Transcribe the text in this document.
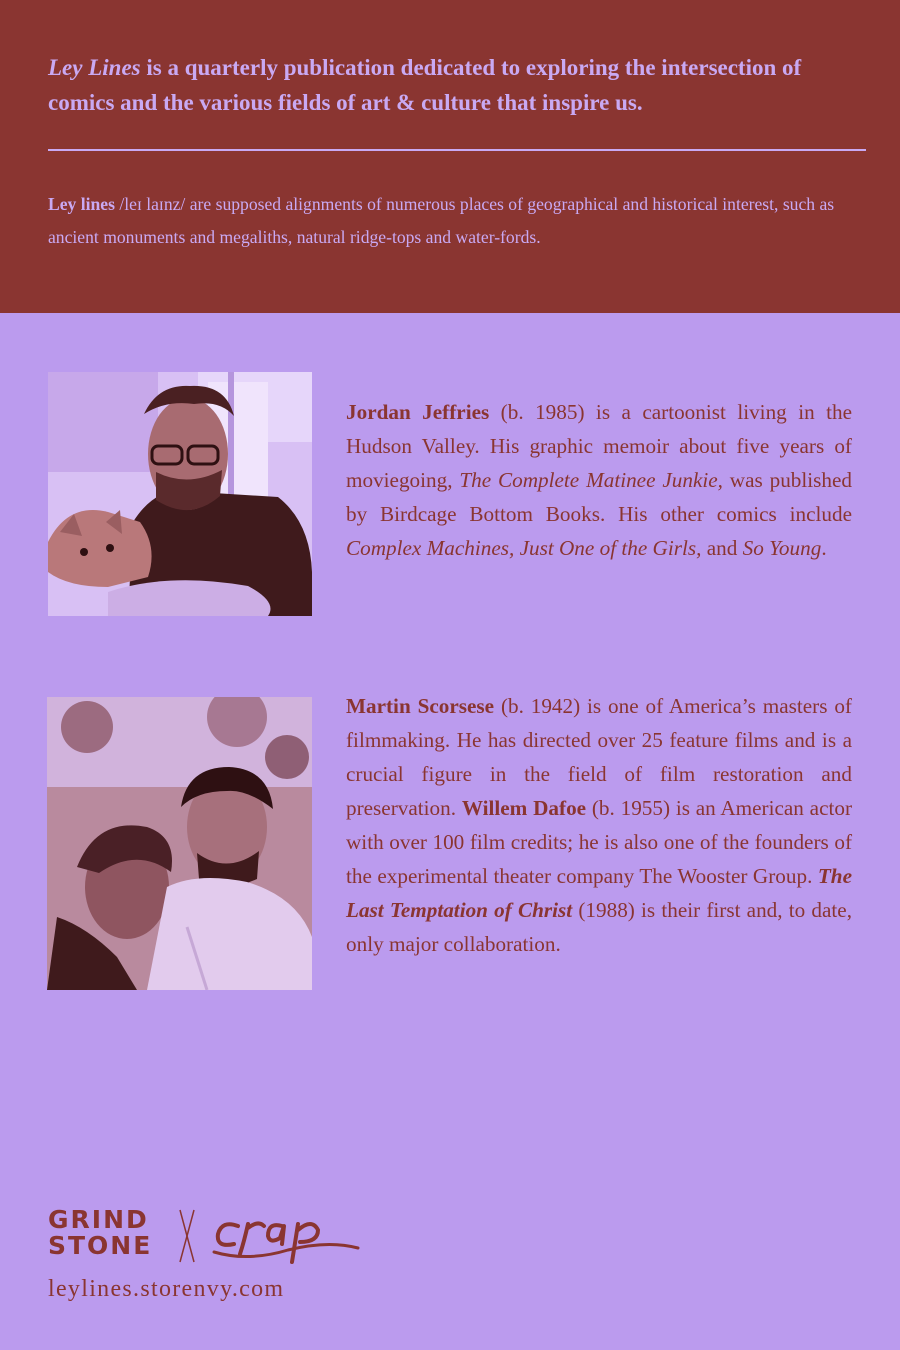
Ley Lines is a quarterly publication dedicated to exploring the intersection of comics and the various fields of art & culture that inspire us.

Ley lines /leɪ laɪnz/ are supposed alignments of numerous places of geographical and historical interest, such as ancient monuments and megaliths, natural ridge-tops and water-fords.

Jordan Jeffries (b. 1985) is a cartoonist living in the Hudson Valley. His graphic memoir about five years of moviegoing, The Complete Matinee Junkie, was published by Birdcage Bottom Books. His other comics include Complex Machines, Just One of the Girls, and So Young.

Martin Scorsese (b. 1942) is one of America’s masters of filmmaking. He has directed over 25 feature films and is a crucial figure in the field of film restoration and preservation. Willem Dafoe (b. 1955) is an American actor with over 100 film credits; he is also one of the founders of the experimental theater company The Wooster Group. The Last Temptation of Christ (1988) is their first and, to date, only major collaboration.

GRIND
STONE
leylines.storenvy.com
